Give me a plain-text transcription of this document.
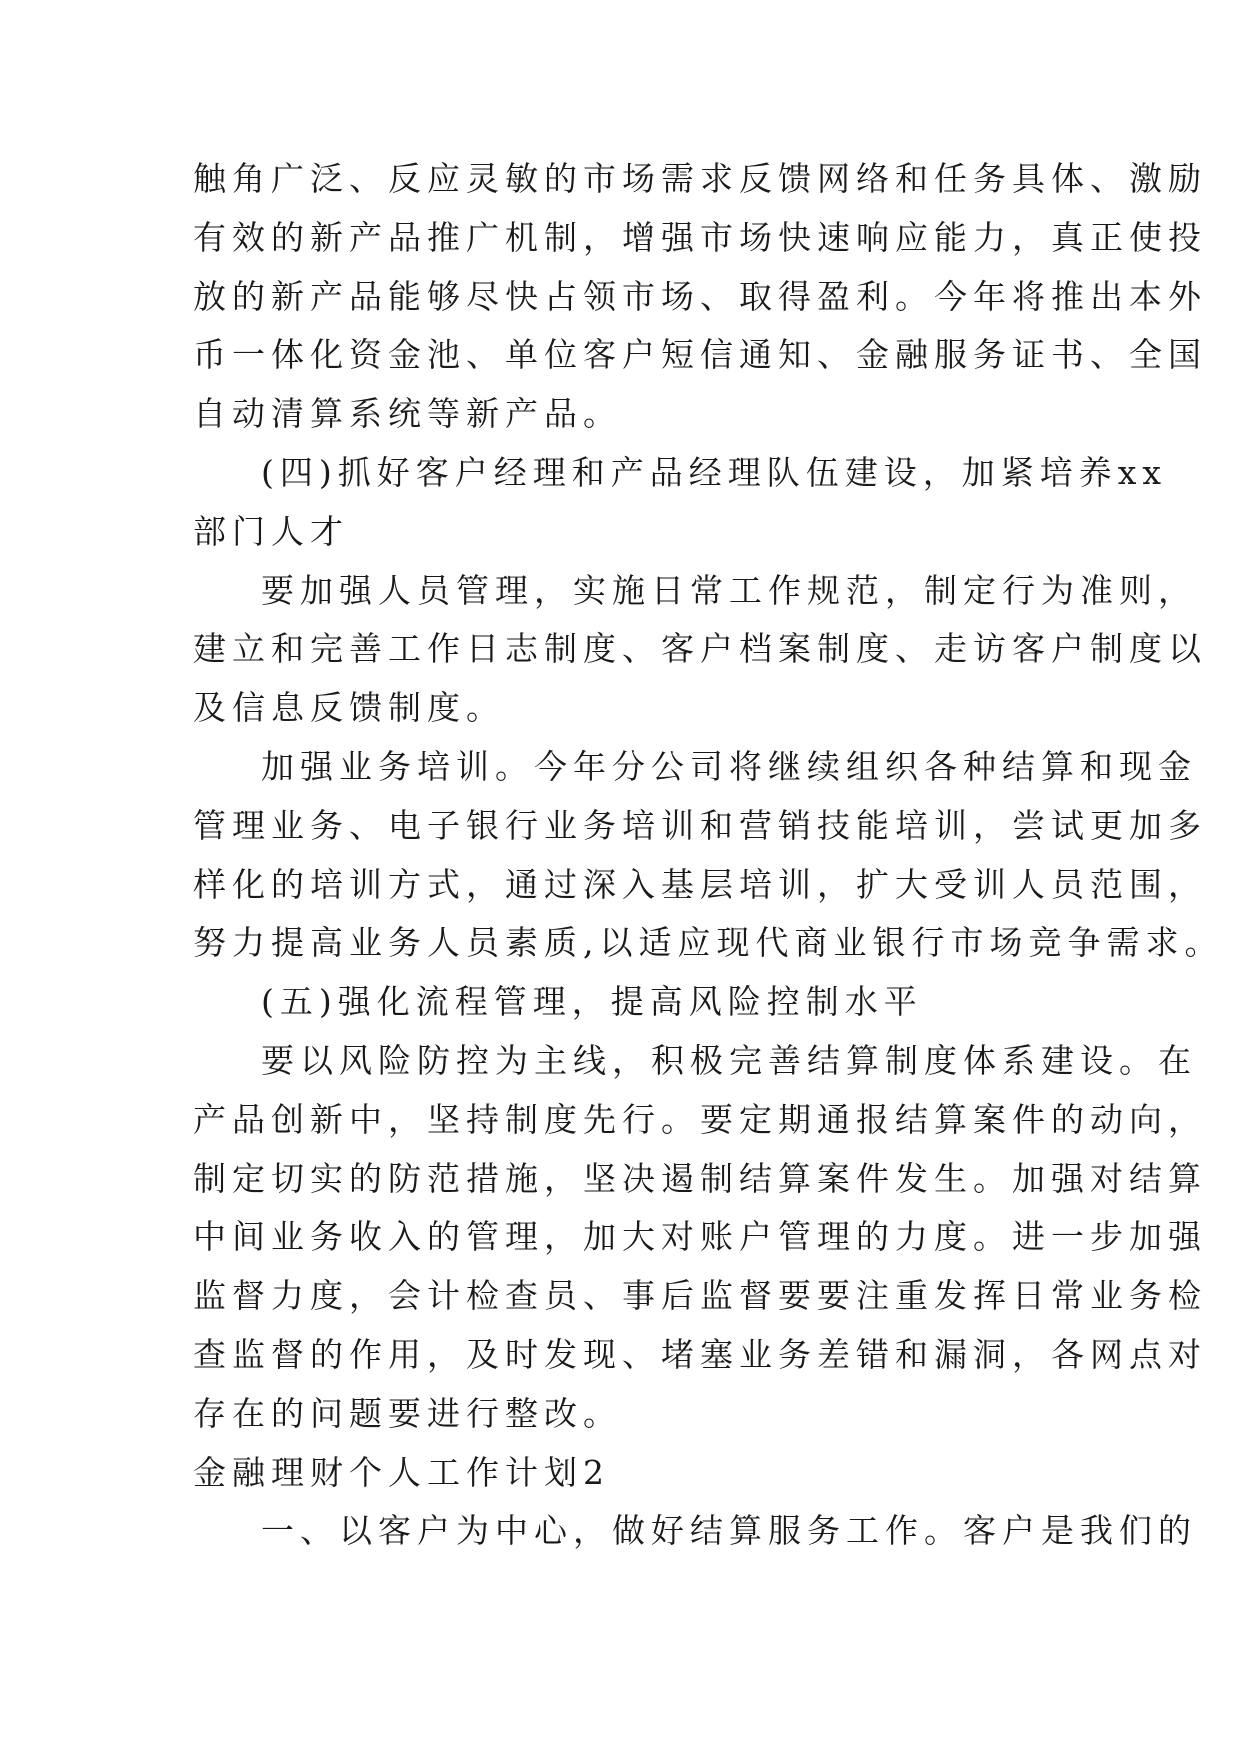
触角广泛、反应灵敏的市场需求反馈网络和任务具体、激励
有效的新产品推广机制，增强市场快速响应能力，真正使投
放的新产品能够尽快占领市场、取得盈利。今年将推出本外
币一体化资金池、单位客户短信通知、金融服务证书、全国
自动清算系统等新产品。
(四)抓好客户经理和产品经理队伍建设，加紧培养xx
部门人才
要加强人员管理，实施日常工作规范，制定行为准则，
建立和完善工作日志制度、客户档案制度、走访客户制度以
及信息反馈制度。
加强业务培训。今年分公司将继续组织各种结算和现金
管理业务、电子银行业务培训和营销技能培训，尝试更加多
样化的培训方式，通过深入基层培训，扩大受训人员范围，
努力提高业务人员素质,以适应现代商业银行市场竞争需求。
(五)强化流程管理，提高风险控制水平
要以风险防控为主线，积极完善结算制度体系建设。在
产品创新中，坚持制度先行。要定期通报结算案件的动向，
制定切实的防范措施，坚决遏制结算案件发生。加强对结算
中间业务收入的管理，加大对账户管理的力度。进一步加强
监督力度，会计检查员、事后监督要要注重发挥日常业务检
查监督的作用，及时发现、堵塞业务差错和漏洞，各网点对
存在的问题要进行整改。
金融理财个人工作计划2
一、以客户为中心，做好结算服务工作。客户是我们的
